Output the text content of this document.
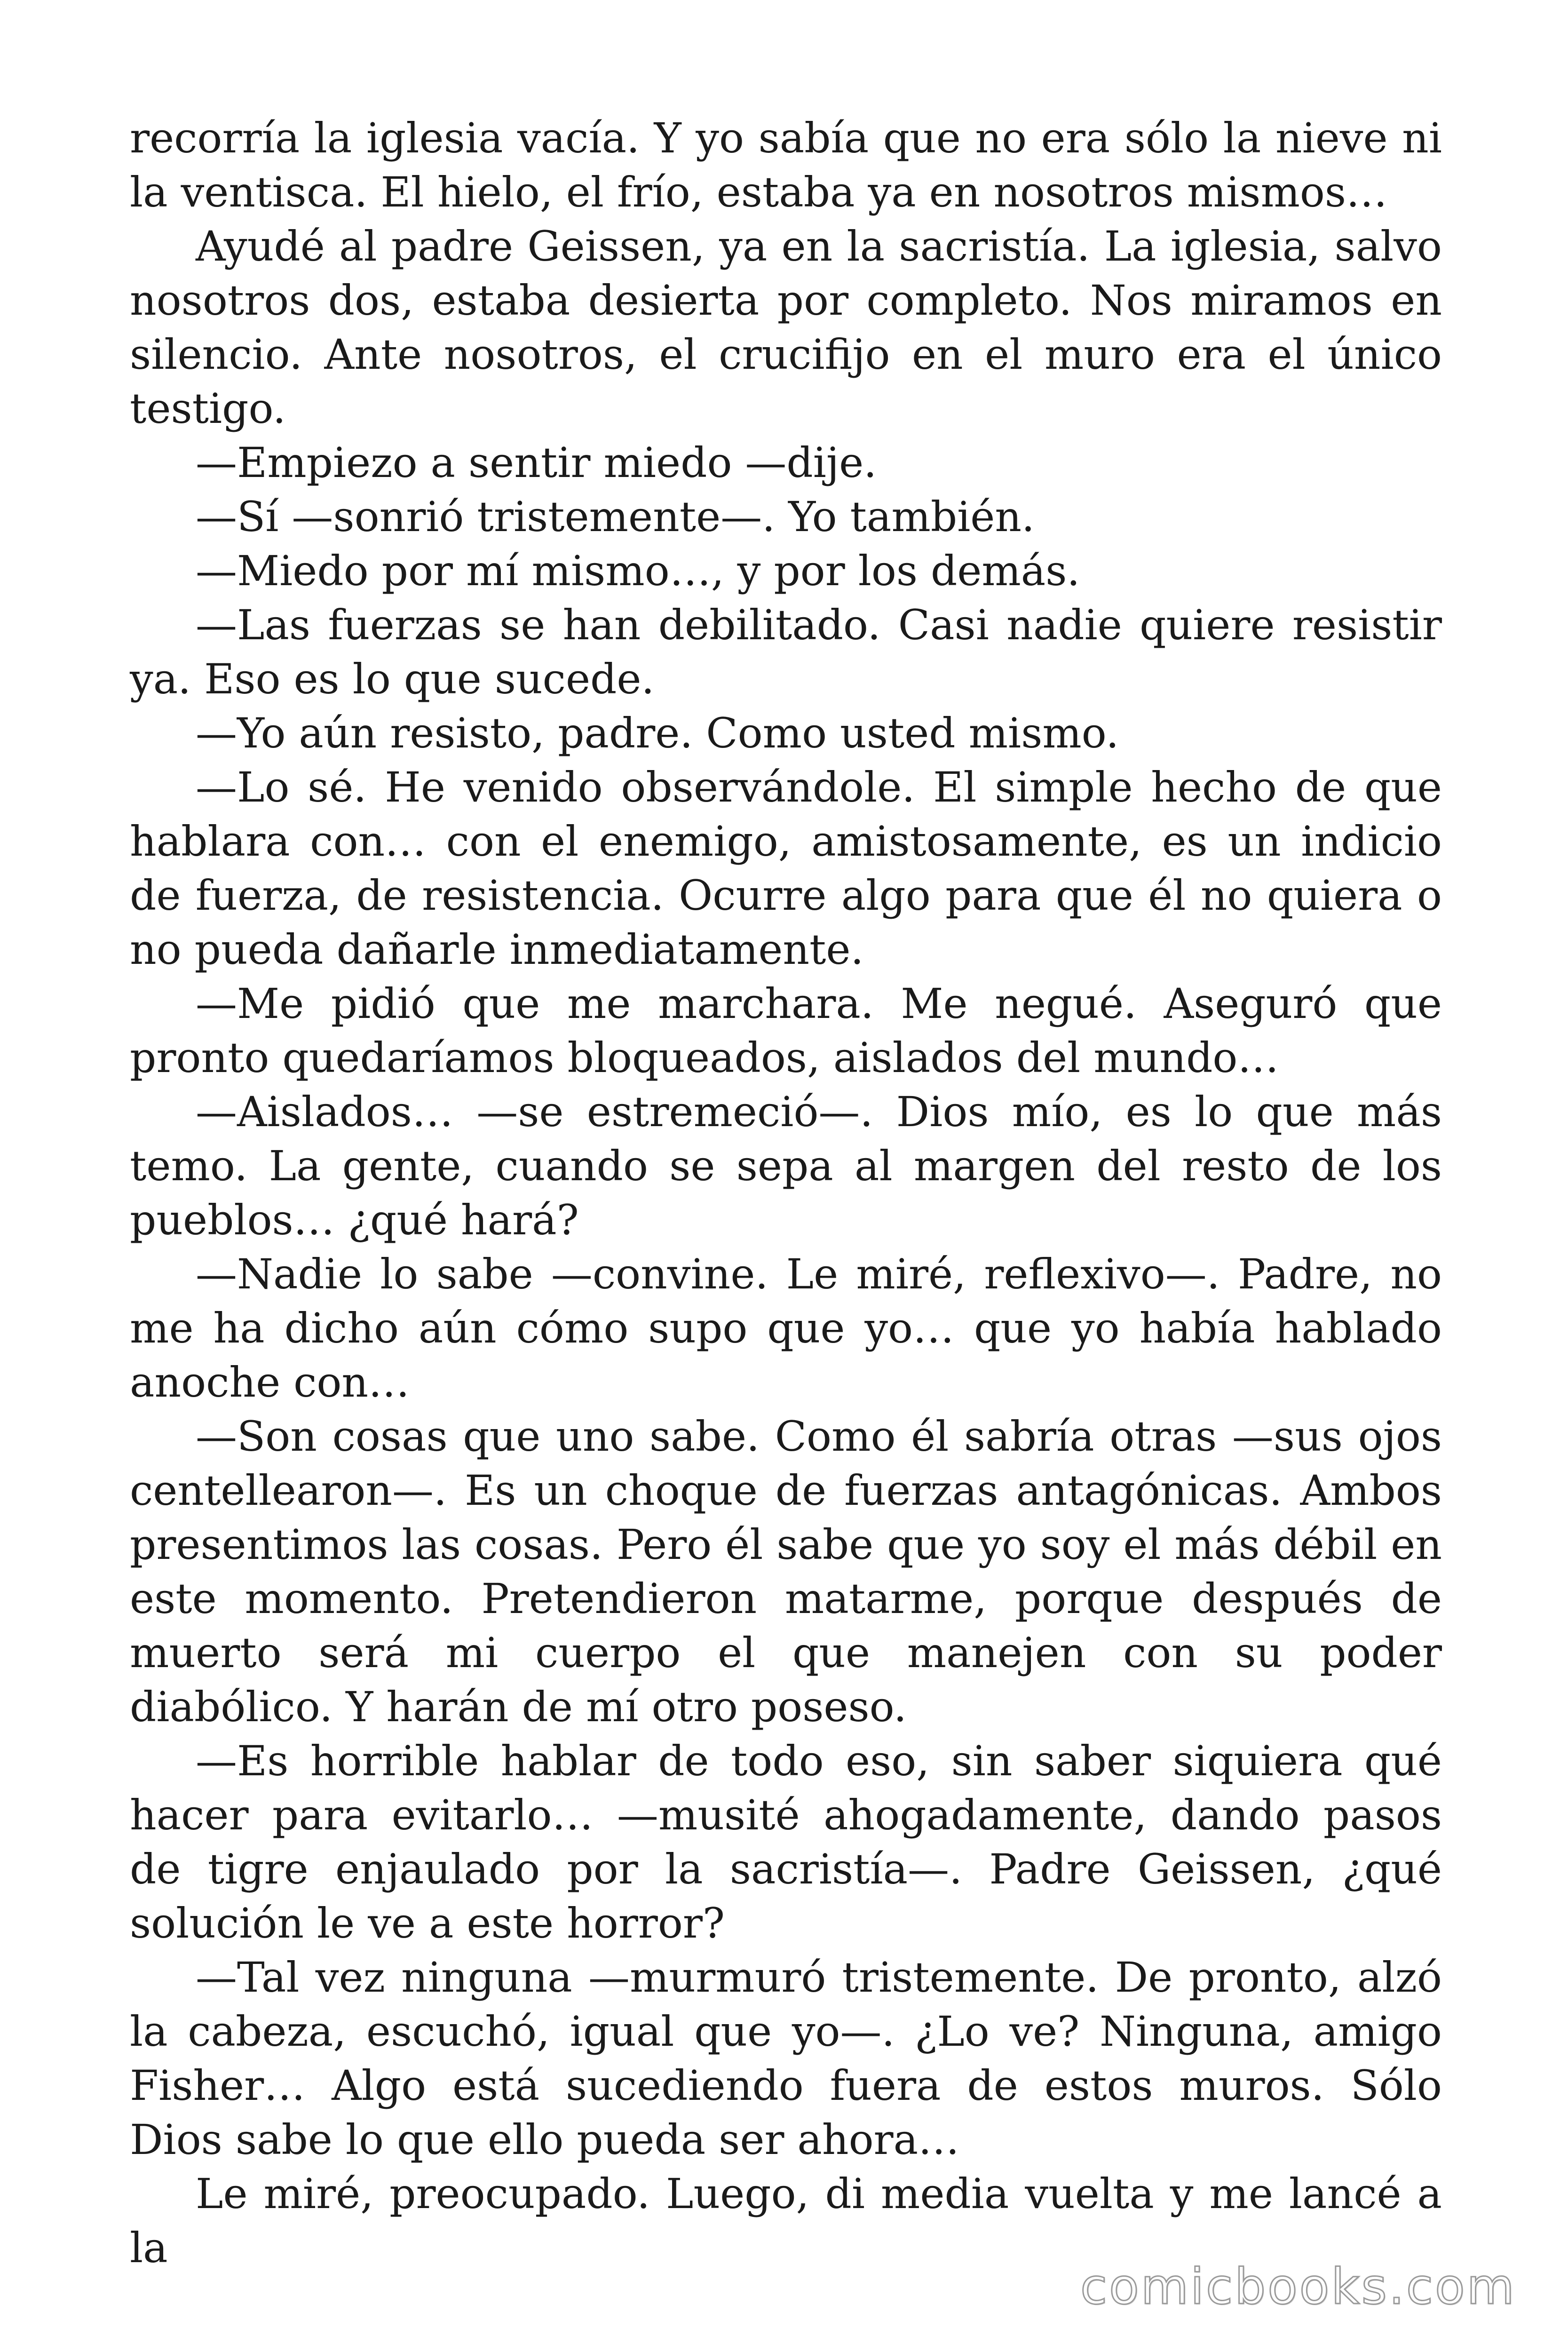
recorría la iglesia vacía. Y yo sabía que no era sólo la nieve ni la ventisca. El hielo, el frío, estaba ya en nosotros mismos…

Ayudé al padre Geissen, ya en la sacristía. La iglesia, salvo nosotros dos, estaba desierta por completo. Nos miramos en silencio. Ante nosotros, el crucifijo en el muro era el único testigo.

—Empiezo a sentir miedo —dije.

—Sí —sonrió tristemente—. Yo también.

—Miedo por mí mismo…, y por los demás.

—Las fuerzas se han debilitado. Casi nadie quiere resistir ya. Eso es lo que sucede.

—Yo aún resisto, padre. Como usted mismo.

—Lo sé. He venido observándole. El simple hecho de que hablara con… con el enemigo, amistosamente, es un indicio de fuerza, de resistencia. Ocurre algo para que él no quiera o no pueda dañarle inmediatamente.

—Me pidió que me marchara. Me negué. Aseguró que pronto quedaríamos bloqueados, aislados del mundo…

—Aislados… —se estremeció—. Dios mío, es lo que más temo. La gente, cuando se sepa al margen del resto de los pueblos… ¿qué hará?

—Nadie lo sabe —convine. Le miré, reflexivo—. Padre, no me ha dicho aún cómo supo que yo… que yo había hablado anoche con…

—Son cosas que uno sabe. Como él sabría otras —sus ojos centellearon—. Es un choque de fuerzas antagónicas. Ambos presentimos las cosas. Pero él sabe que yo soy el más débil en este momento. Pretendieron matarme, porque después de muerto será mi cuerpo el que manejen con su poder diabólico. Y harán de mí otro poseso.

—Es horrible hablar de todo eso, sin saber siquiera qué hacer para evitarlo… —musité ahogadamente, dando pasos de tigre enjaulado por la sacristía—. Padre Geissen, ¿qué solución le ve a este horror?

—Tal vez ninguna —murmuró tristemente. De pronto, alzó la cabeza, escuchó, igual que yo—. ¿Lo ve? Ninguna, amigo Fisher… Algo está sucediendo fuera de estos muros. Sólo Dios sabe lo que ello pueda ser ahora…

Le miré, preocupado. Luego, di media vuelta y me lancé a la

comicbooks.com
